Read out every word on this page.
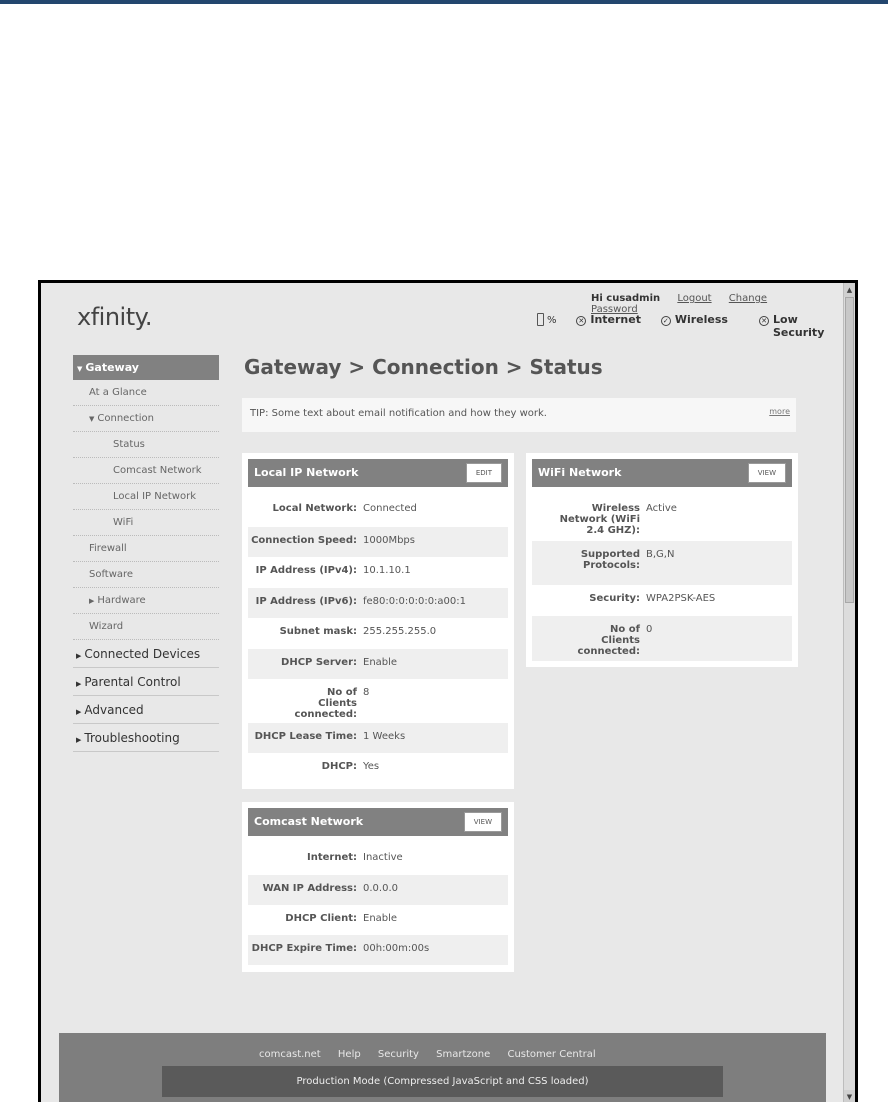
xfinity.
Hi cusadmin Logout Change Password
%	✕ Internet	✓ Wireless	✕ Low
Security
▼ Gateway
At a Glance
▼ Connection
Status
Comcast Network
Local IP Network
WiFi
Firewall
Software
▶ Hardware
Wizard
▶ Connected Devices
▶ Parental Control
▶ Advanced
▶ Troubleshooting
Gateway > Connection > Status
TIP: Some text about email notification and how they work.	more
Local IP Network	EDIT
Local Network: Connected
Connection Speed: 1000Mbps
IP Address (IPv4): 10.1.10.1
IP Address (IPv6): fe80:0:0:0:0:0:a00:1
Subnet mask: 255.255.255.0
DHCP Server: Enable
No of Clients connected:
8
DHCP Lease Time: 1 Weeks
DHCP: Yes
Comcast Network	VIEW
Internet: Inactive
WAN IP Address: 0.0.0.0
DHCP Client: Enable
DHCP Expire Time: 00h:00m:00s
WiFi Network	VIEW
Wireless Network (WiFi 2.4 GHZ):
Active
Supported Protocols:
B,G,N
Security: WPA2PSK-AES
No of Clients connected:
0
comcast.net Help Security Smartzone Customer Central
Production Mode (Compressed JavaScript and CSS loaded)
▲
▼
